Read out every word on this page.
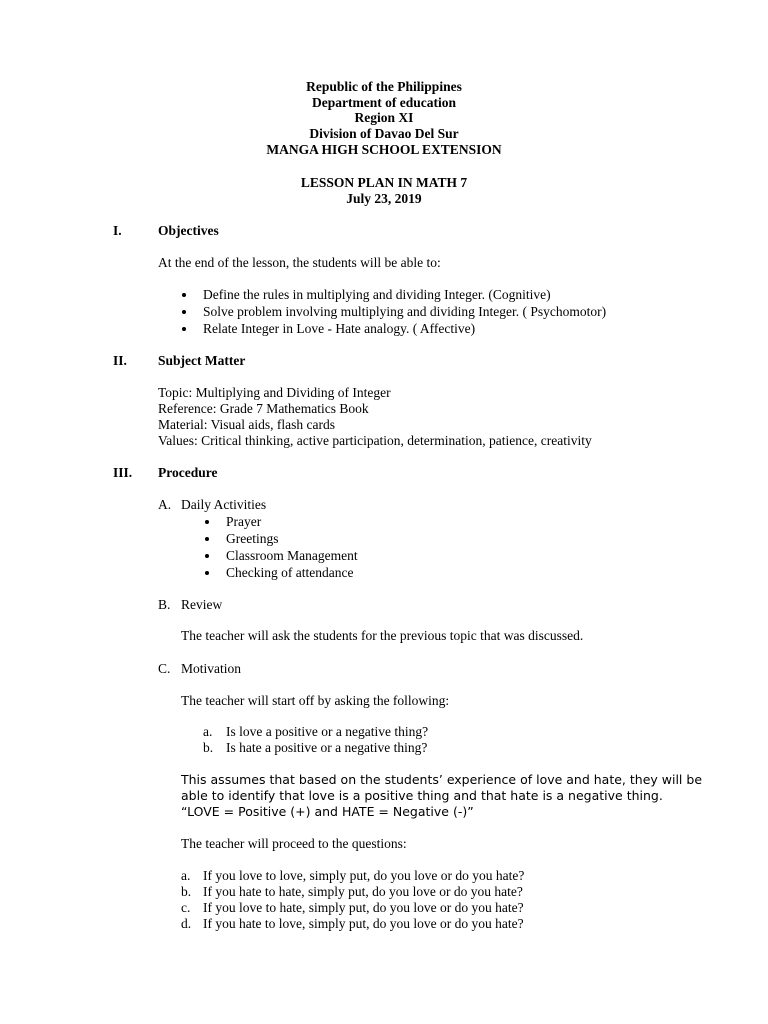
Republic of the Philippines
Department of education
Region XI
Division of Davao Del Sur
MANGA HIGH SCHOOL EXTENSION
LESSON PLAN IN MATH 7
July 23, 2019
I.	Objectives
At the end of the lesson, the students will be able to:
Define the rules in multiplying and dividing Integer. (Cognitive)
Solve problem involving multiplying and dividing Integer. ( Psychomotor)
Relate Integer in Love - Hate analogy. ( Affective)
II. Subject Matter
Topic: Multiplying and Dividing of Integer
Reference: Grade 7 Mathematics Book
Material: Visual aids, flash cards
Values: Critical thinking, active participation, determination, patience, creativity
III. Procedure
A. Daily Activities
Prayer
Greetings
Classroom Management
Checking of attendance
B. Review
The teacher will ask the students for the previous topic that was discussed.
C. Motivation
The teacher will start off by asking the following:
a. Is love a positive or a negative thing?
b. Is hate a positive or a negative thing?
This assumes that based on the students’ experience of love and hate, they will be
able to identify that love is a positive thing and that hate is a negative thing.
“LOVE = Positive (+) and HATE = Negative (-)”
The teacher will proceed to the questions:
a. If you love to love, simply put, do you love or do you hate?
b. If you hate to hate, simply put, do you love or do you hate?
c. If you love to hate, simply put, do you love or do you hate?
d. If you hate to love, simply put, do you love or do you hate?
